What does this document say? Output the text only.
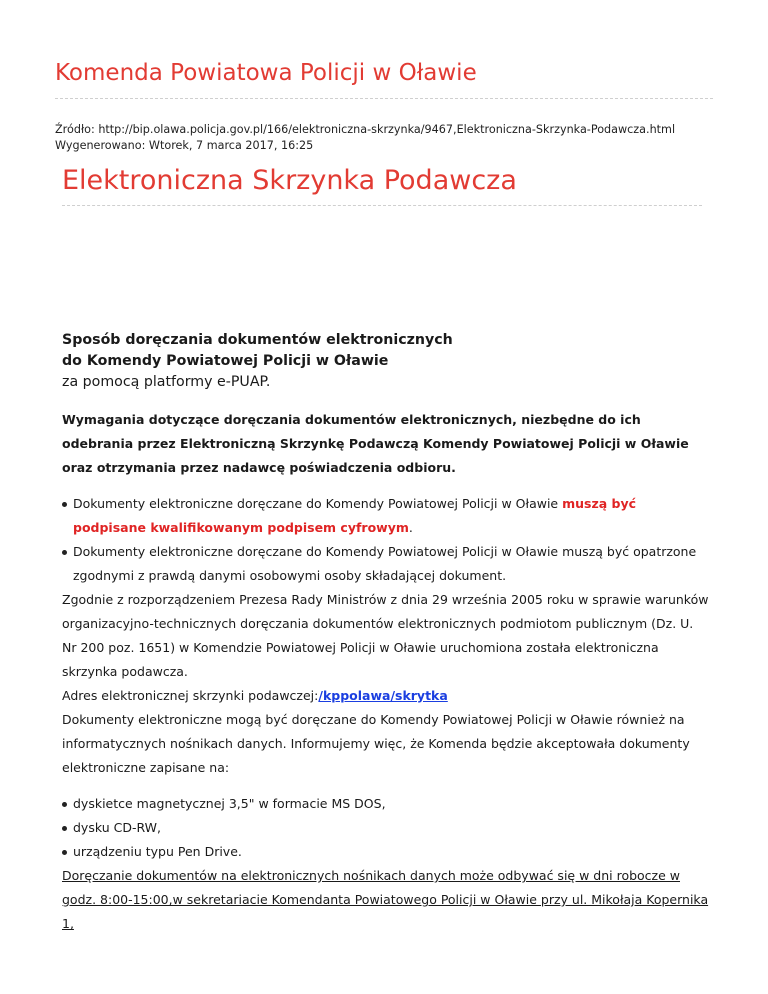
Komenda Powiatowa Policji w Oławie
Źródło: http://bip.olawa.policja.gov.pl/166/elektroniczna-skrzynka/9467,Elektroniczna-Skrzynka-Podawcza.html
Wygenerowano: Wtorek, 7 marca 2017, 16:25
Elektroniczna Skrzynka Podawcza

Sposób doręczania dokumentów elektronicznych
do Komendy Powiatowej Policji w Oławie
za pomocą platformy e-PUAP.

Wymagania dotyczące doręczania dokumentów elektronicznych, niezbędne do ich odebrania przez Elektroniczną Skrzynkę Podawczą Komendy Powiatowej Policji w Oławie oraz otrzymania przez nadawcę poświadczenia odbioru.

Dokumenty elektroniczne doręczane do Komendy Powiatowej Policji w Oławie muszą być podpisane kwalifikowanym podpisem cyfrowym.
Dokumenty elektroniczne doręczane do Komendy Powiatowej Policji w Oławie muszą być opatrzone zgodnymi z prawdą danymi osobowymi osoby składającej dokument.

Zgodnie z rozporządzeniem Prezesa Rady Ministrów z dnia 29 września 2005 roku w sprawie warunków organizacyjno-technicznych doręczania dokumentów elektronicznych podmiotom publicznym (Dz. U. Nr 200 poz. 1651) w Komendzie Powiatowej Policji w Oławie uruchomiona została elektroniczna skrzynka podawcza.

Adres elektronicznej skrzynki podawczej:/kppolawa/skrytka

Dokumenty elektroniczne mogą być doręczane do Komendy Powiatowej Policji w Oławie również na informatycznych nośnikach danych. Informujemy więc, że Komenda będzie akceptowała dokumenty elektroniczne zapisane na:

dyskietce magnetycznej 3,5" w formacie MS DOS,
dysku CD-RW,
urządzeniu typu Pen Drive.

Doręczanie dokumentów na elektronicznych nośnikach danych może odbywać się w dni robocze w godz. 8:00-15:00,w sekretariacie Komendanta Powiatowego Policji w Oławie przy ul. Mikołaja Kopernika 1,
